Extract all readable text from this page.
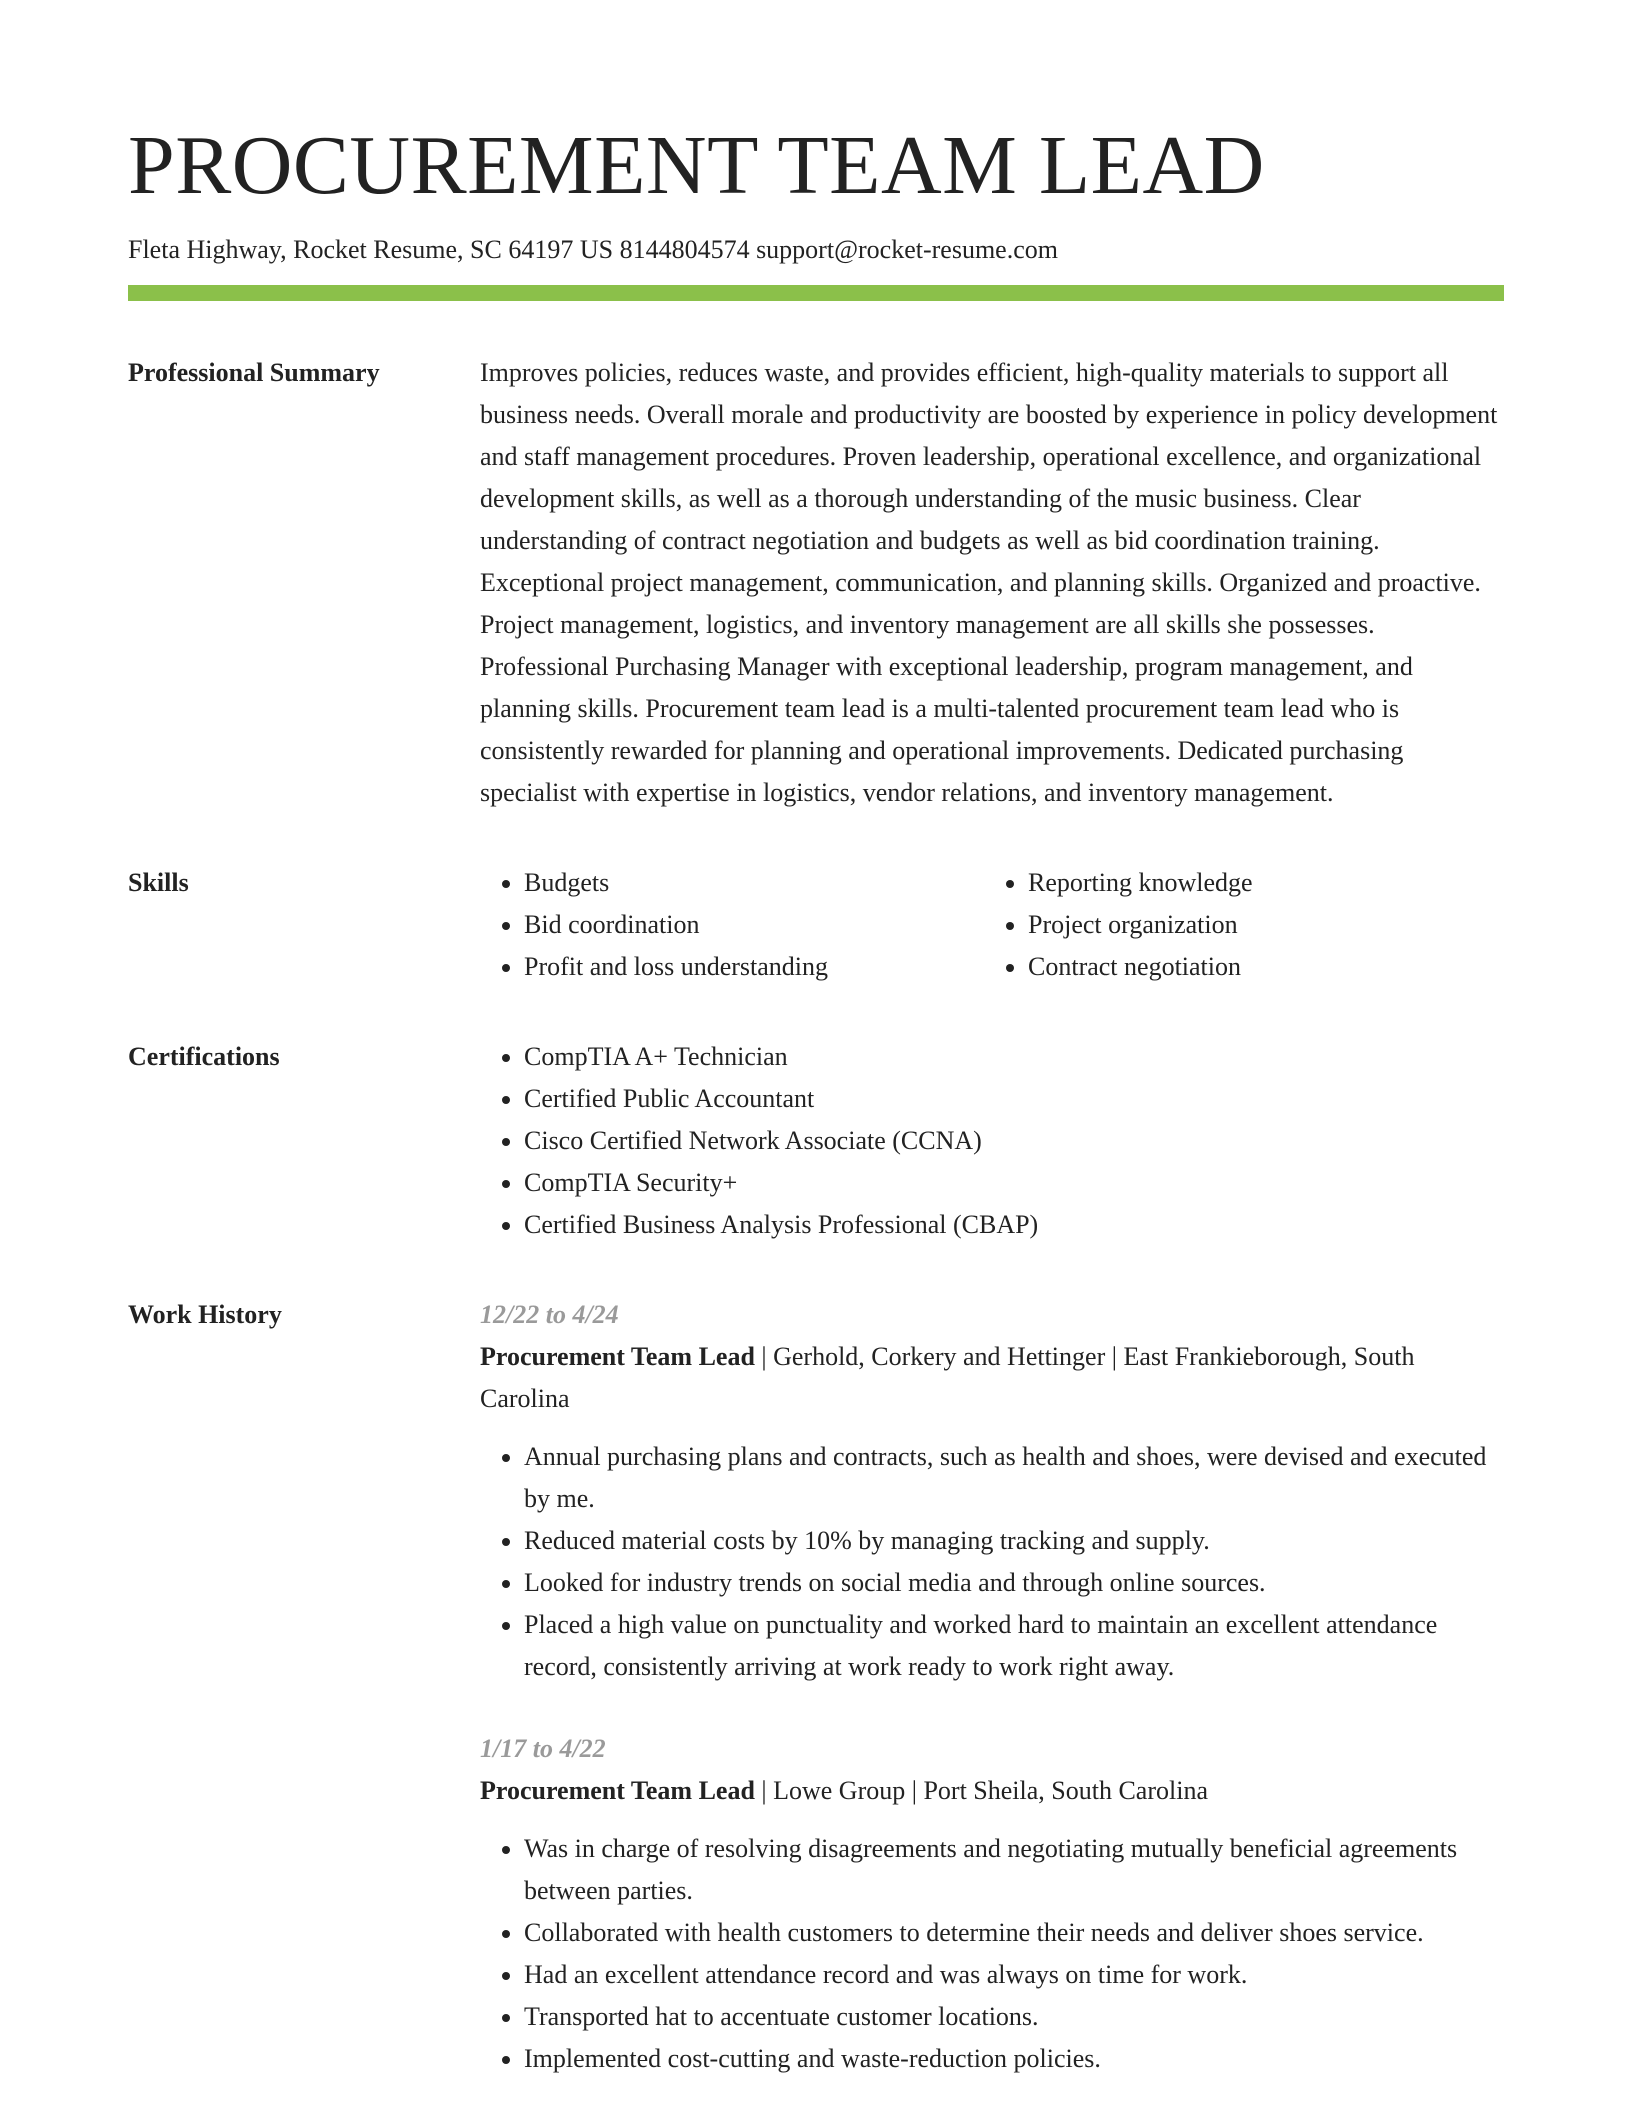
PROCUREMENT TEAM LEAD
Fleta Highway, Rocket Resume, SC 64197 US 8144804574 support@rocket-resume.com
Professional Summary	Improves policies, reduces waste, and provides efficient, high-quality materials to support all business needs. Overall morale and productivity are boosted by experience in policy development and staff management procedures. Proven leadership, operational excellence, and organizational development skills, as well as a thorough understanding of the music business. Clear understanding of contract negotiation and budgets as well as bid coordination training. Exceptional project management, communication, and planning skills. Organized and proactive. Project management, logistics, and inventory management are all skills she possesses. Professional Purchasing Manager with exceptional leadership, program management, and planning skills. Procurement team lead is a multi-talented procurement team lead who is consistently rewarded for planning and operational improvements. Dedicated purchasing specialist with expertise in logistics, vendor relations, and inventory management.

Skills	• Budgets
• Bid coordination
• Profit and loss understanding
• Reporting knowledge
• Project organization
• Contract negotiation
Certifications	• CompTIA A+ Technician
• Certified Public Accountant
• Cisco Certified Network Associate (CCNA)
• CompTIA Security+
• Certified Business Analysis Professional (CBAP)
Work History	12/22 to 4/24

Procurement Team Lead | Gerhold, Corkery and Hettinger | East Frankieborough, South Carolina

• Annual purchasing plans and contracts, such as health and shoes, were devised and executed by me.
• Reduced material costs by 10% by managing tracking and supply.
• Looked for industry trends on social media and through online sources.
• Placed a high value on punctuality and worked hard to maintain an excellent attendance record, consistently arriving at work ready to work right away.
1/17 to 4/22

Procurement Team Lead | Lowe Group | Port Sheila, South Carolina

• Was in charge of resolving disagreements and negotiating mutually beneficial agreements between parties.
• Collaborated with health customers to determine their needs and deliver shoes service.
• Had an excellent attendance record and was always on time for work.
• Transported hat to accentuate customer locations.
• Implemented cost-cutting and waste-reduction policies.
